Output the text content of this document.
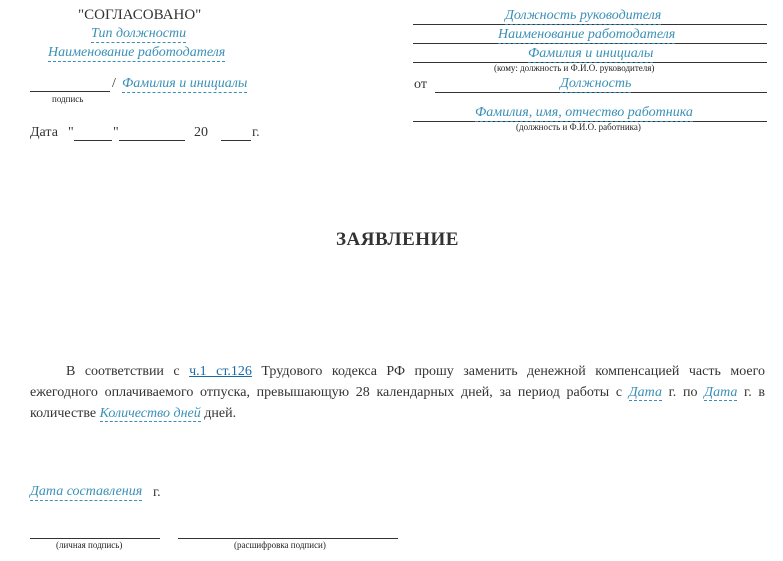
"СОГЛАСОВАНО"
Тип должности
Наименование работодателя
/ Фамилия и инициалы
подпись
Дата "	"	20	г.
Должность руководителя
Наименование работодателя
Фамилия и инициалы
(кому: должность и Ф.И.О. руководителя)
от	Должность
Фамилия, имя, отчество работника
(должность и Ф.И.О. работника)
ЗАЯВЛЕНИЕ
В соответствии с ч.1 ст.126 Трудового кодекса РФ прошу заменить денежной компенсацией часть моего
ежегодного оплачиваемого отпуска, превышающую 28 календарных дней, за период работы с Дата г. по Дата г. в
количестве Количество дней дней.
Дата составления г.
(личная подпись)	(расшифровка подписи)
